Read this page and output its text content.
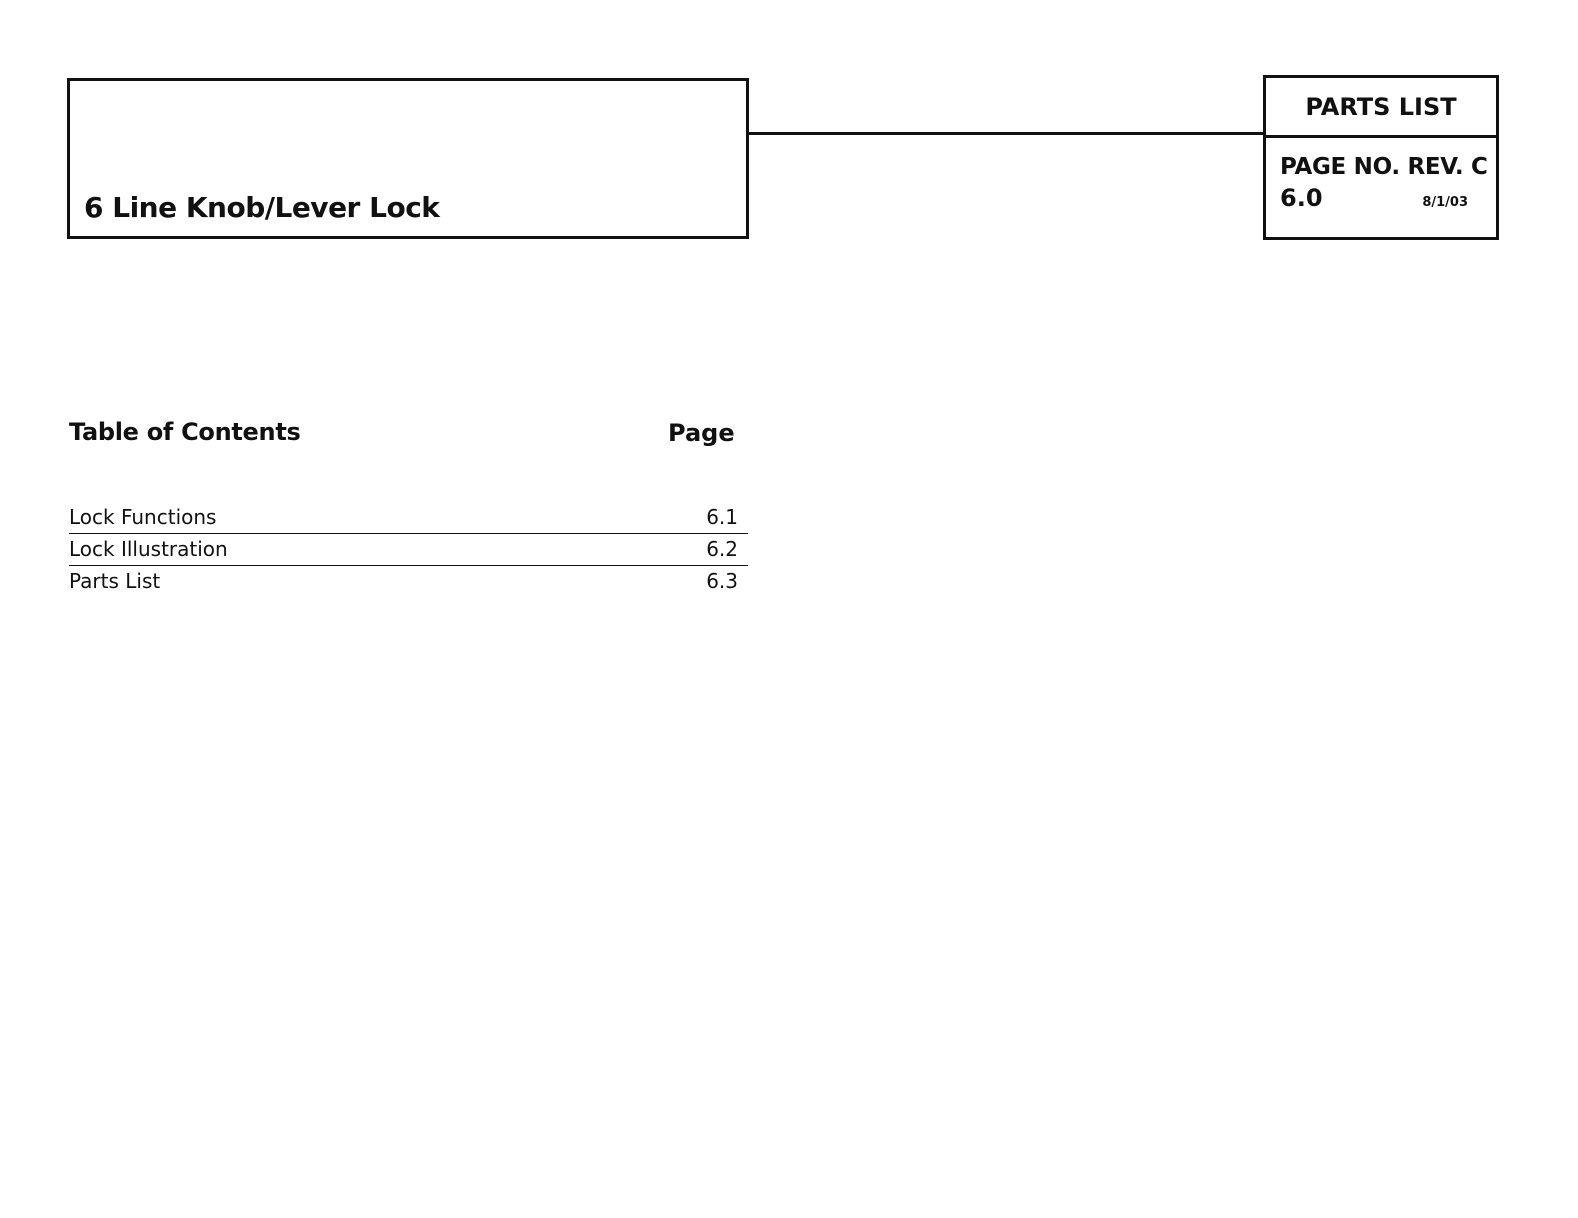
6 Line Knob/Lever Lock
PARTS LIST
PAGE NO. REV. C
6.0	8/1/03
Table of Contents	Page
Lock Functions	6.1
Lock Illustration	6.2
Parts List	6.3
